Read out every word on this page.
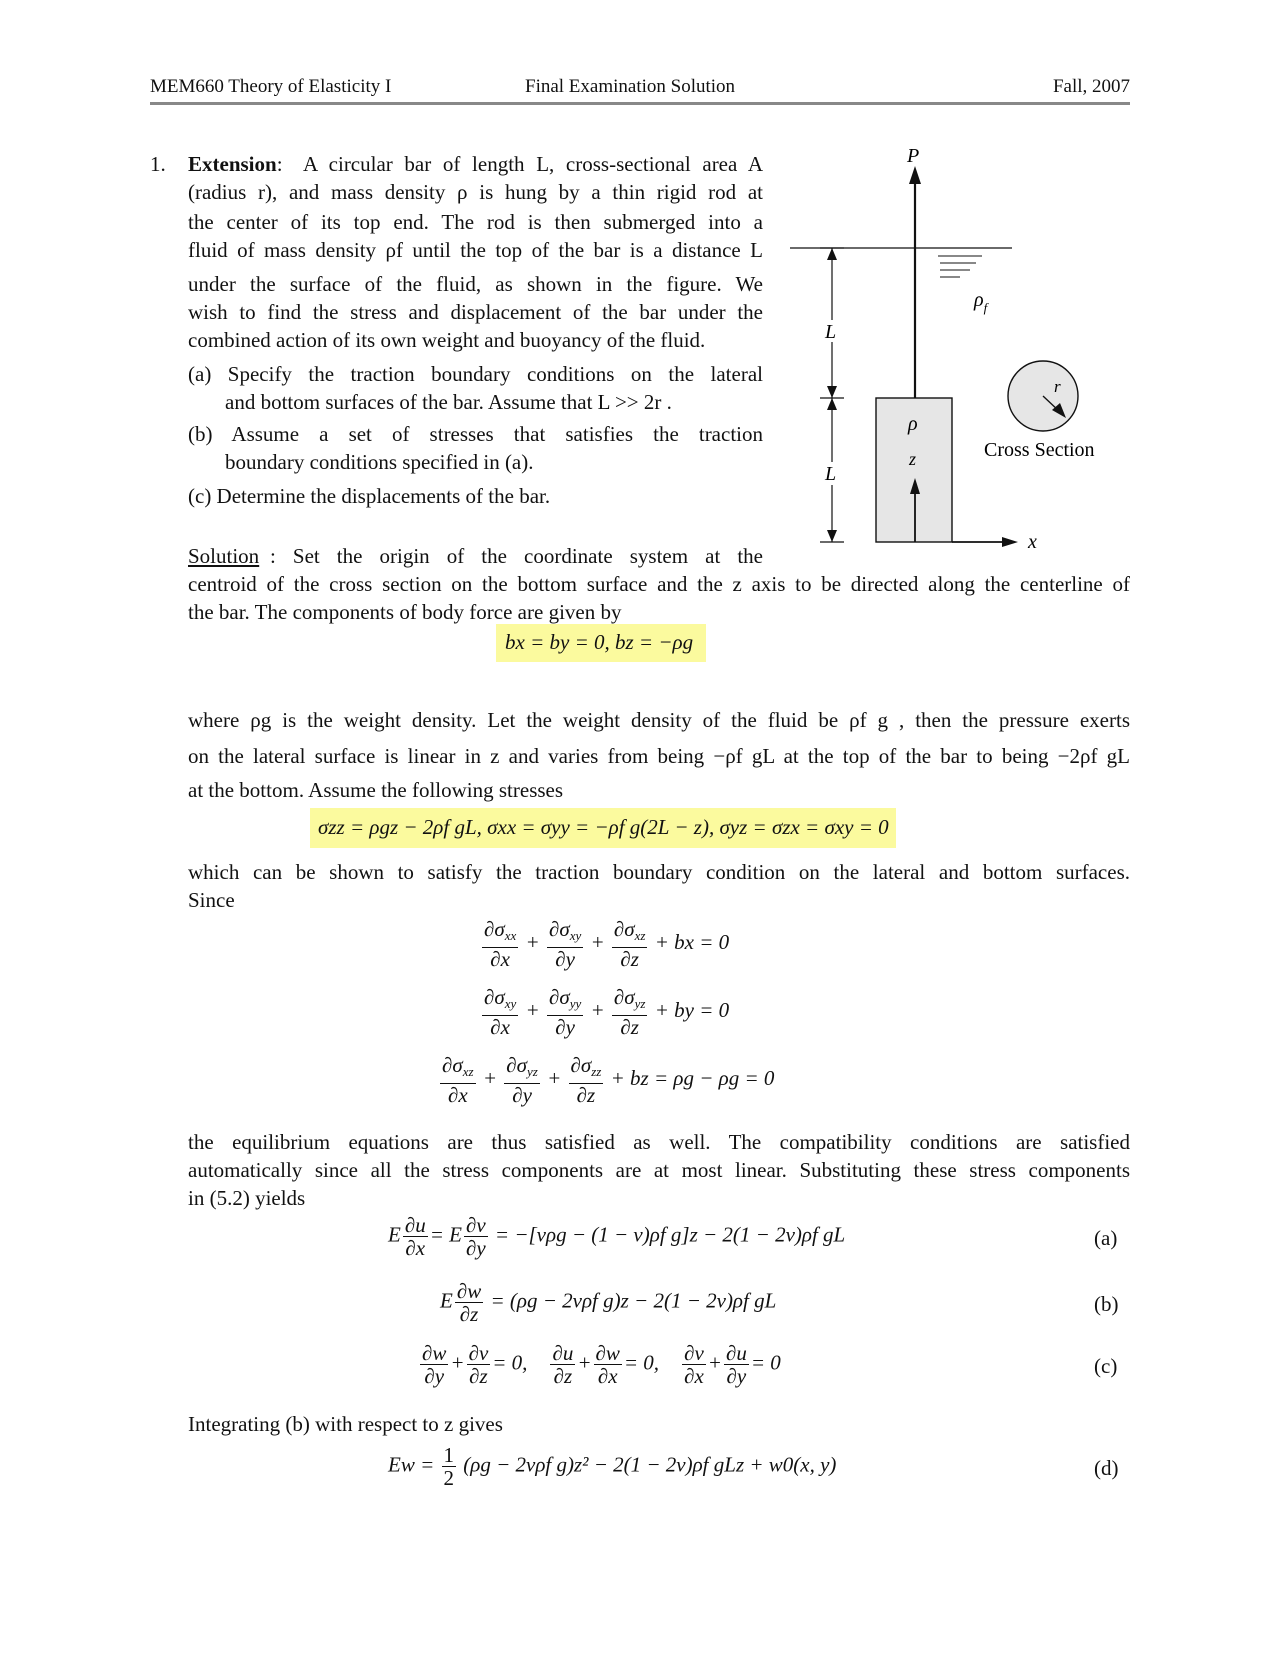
MEM660 Theory of Elasticity I	Final Examination Solution	Fall, 2007
1. Extension: A circular bar of length L, cross-sectional area A
(radius r), and mass density ρ is hung by a thin rigid rod at
the center of its top end. The rod is then submerged into a
fluid of mass density ρf until the top of the bar is a distance L
under the surface of the fluid, as shown in the figure. We
wish to find the stress and displacement of the bar under the
combined action of its own weight and buoyancy of the fluid.
(a) Specify the traction boundary conditions on the lateral
and bottom surfaces of the bar. Assume that L >> 2r .
(b) Assume a set of stresses that satisfies the traction
boundary conditions specified in (a).
(c) Determine the displacements of the bar.
P
z
ρ
x
L
L
$\rho_f$
r
Cross Section
Solution : Set the origin of the coordinate system at the
centroid of the cross section on the bottom surface and the z axis to be directed along the centerline of
the bar. The components of body force are given by
bx = by = 0, bz = −ρg
where ρg is the weight density. Let the weight density of the fluid be ρf g , then the pressure exerts
on the lateral surface is linear in z and varies from being −ρf gL at the top of the bar to being −2ρf gL
at the bottom. Assume the following stresses
σzz = ρgz − 2ρf gL, σxx = σyy = −ρf g(2L − z), σyz = σzx = σxy = 0
which can be shown to satisfy the traction boundary condition on the lateral and bottom surfaces.
Since
$\frac{\partial\sigma_{xx}}{\partial x} + \frac{\partial\sigma_{xy}}{\partial y} + \frac{\partial\sigma_{xz}}{\partial z}$ + bx = 0
$\frac{\partial\sigma_{xy}}{\partial x} + \frac{\partial\sigma_{yy}}{\partial y} + \frac{\partial\sigma_{yz}}{\partial z}$ + by = 0
$\frac{\partial\sigma_{xz}}{\partial x} + \frac{\partial\sigma_{yz}}{\partial y} + \frac{\partial\sigma_{zz}}{\partial z}$ + bz = ρg − ρg = 0
the equilibrium equations are thus satisfied as well. The compatibility conditions are satisfied
automatically since all the stress components are at most linear. Substituting these stress components
in (5.2) yields
E $\frac{\partial u}{\partial x} = E \frac{\partial v}{\partial y} = -[\nu\rho g - (1 - \nu)\rho f$ g]z − 2(1 − 2ν)ρf gL	(a)
E $\frac{\partial w}{\partial z} = (\rho g - 2\nu\rho f$ g)z − 2(1 − 2ν)ρf gL	(b)
$\frac{\partial w}{\partial y} + \frac{\partial v}{\partial z} = 0$, $\frac{\partial u}{\partial z} + \frac{\partial w}{\partial x} = 0$, $\frac{\partial v}{\partial x} + \frac{\partial u}{\partial y} = 0$	(c)
Integrating (b) with respect to z gives
$Ew = \frac{1}{2} (\rho g - 2\nu\rho f$ g)z² − 2(1 − 2ν)ρf gLz + w0(x, y)	(d)
